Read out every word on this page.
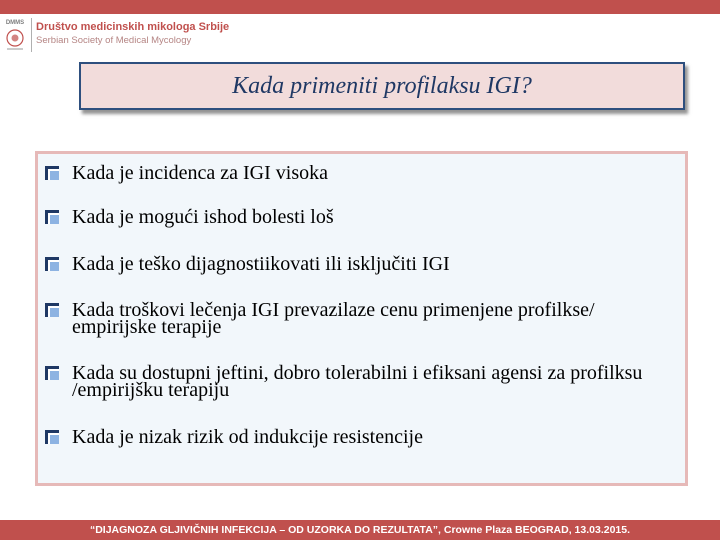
DMMS Društvo medicinskih mikologa Srbije
Serbian Society of Medical Mycology
Kada primeniti profilaksu IGI?
Kada je incidenca za IGI visoka
Kada je mogući ishod bolesti loš
Kada je teško dijagnostiikovati ili isključiti IGI
Kada troškovi lečenja IGI prevazilaze cenu primenjene profilkse/ empirijske terapije
Kada su dostupni jeftini, dobro tolerabilni i efiksani agensi za profilksu /empirijšku terapiju
Kada je nizak rizik od indukcije resistencije
“DIJAGNOZA GLJIVIČNIH INFEKCIJA – OD UZORKA DO REZULTATA”, Crowne Plaza BEOGRAD, 13.03.2015.
